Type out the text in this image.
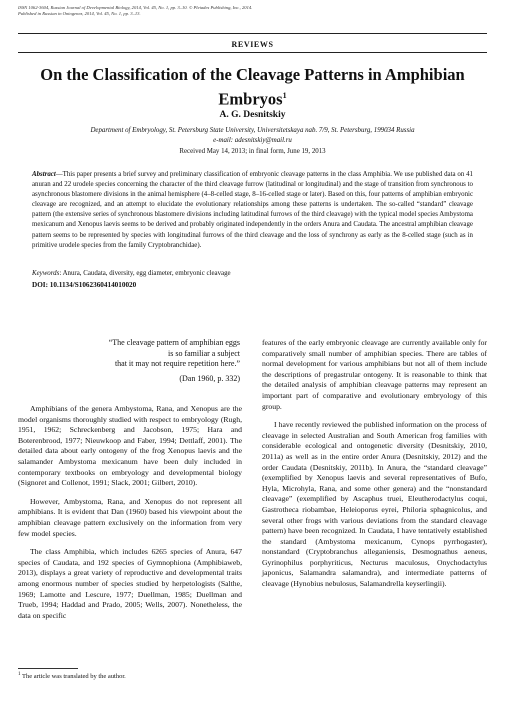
ISSN 1062-3604, Russian Journal of Developmental Biology, 2014, Vol. 45, No. 1, pp. 3–10. © Pleiades Publishing, Inc., 2014.
Published in Russian in Ontogenez, 2014, Vol. 45, No. 1, pp. 3–13.
REVIEWS
On the Classification of the Cleavage Patterns in Amphibian Embryos$^1$
A. G. Desnitskiy
Department of Embryology, St. Petersburg State University, Universitetskaya nab. 7/9, St. Petersburg, 199034 Russia
e-mail: adesnitskiy@mail.ru
Received May 14, 2013; in final form, June 19, 2013
Abstract—This paper presents a brief survey and preliminary classification of embryonic cleavage patterns in the class Amphibia. We use published data on 41 anuran and 22 urodele species concerning the character of the third cleavage furrow (latitudinal or longitudinal) and the stage of transition from synchronous to asynchronous blastomere divisions in the animal hemisphere (4–8-celled stage, 8–16-celled stage or later). Based on this, four patterns of amphibian embryonic cleavage are recognized, and an attempt to elucidate the evolutionary relationships among these patterns is undertaken. The so-called “standard” cleavage pattern (the extensive series of synchronous blastomere divisions including latitudinal furrows of the third cleavage) with the typical model species Ambystoma mexicanum and Xenopus laevis seems to be derived and probably originated independently in the orders Anura and Caudata. The ancestral amphibian cleavage pattern seems to be represented by species with longitudinal furrows of the third cleavage and the loss of synchrony as early as the 8-celled stage (such as in primitive urodele species from the family Cryptobranchidae).
Keywords: Anura, Caudata, diversity, egg diameter, embryonic cleavage
DOI: 10.1134/S1062360414010020
“The cleavage pattern of amphibian eggs
is so familiar a subject
that it may not require repetition here.”
(Dan 1960, p. 332)

Amphibians of the genera Ambystoma, Rana, and Xenopus are the model organisms thoroughly studied with respect to embryology (Rugh, 1951, 1962; Schreckenberg and Jacobson, 1975; Hara and Boterenbrood, 1977; Nieuwkoop and Faber, 1994; Dettlaff, 2001). The detailed data about early ontogeny of the frog Xenopus laevis and the salamander Ambystoma mexicanum have been duly included in contemporary textbooks on embryology and developmental biology (Signoret and Collenot, 1991; Slack, 2001; Gilbert, 2010).

However, Ambystoma, Rana, and Xenopus do not represent all amphibians. It is evident that Dan (1960) based his viewpoint about the amphibian cleavage pattern exclusively on the information from very few model species.

The class Amphibia, which includes 6265 species of Anura, 647 species of Caudata, and 192 species of Gymnophiona (Amphibiaweb, 2013), displays a great variety of reproductive and developmental traits among enormous number of species studied by herpetologists (Salthe, 1969; Lamotte and Lescure, 1977; Duellman, 1985; Duellman and Trueb, 1994; Haddad and Prado, 2005; Wells, 2007). Nonetheless, the data on specific

features of the early embryonic cleavage are currently available only for comparatively small number of amphibian species. There are tables of normal development for various amphibians but not all of them include the descriptions of pregastrular ontogeny. It is reasonable to think that the detailed analysis of amphibian cleavage patterns may represent an important part of comparative and evolutionary embryology of this group.

I have recently reviewed the published information on the process of cleavage in selected Australian and South American frog families with considerable ecological and ontogenetic diversity (Desnitskiy, 2010, 2011a) as well as in the entire order Anura (Desnitskiy, 2012) and the order Caudata (Desnitskiy, 2011b). In Anura, the “standard cleavage” (exemplified by Xenopus laevis and several representatives of Bufo, Hyla, Microhyla, Rana, and some other genera) and the “nonstandard cleavage” (exemplified by Ascaphus truei, Eleutherodactylus coqui, Gastrotheca riobambae, Heleioporus eyrei, Philoria sphagnicolus, and several other frogs with various deviations from the standard cleavage pattern) have been recognized. In Caudata, I have tentatively established the standard (Ambystoma mexicanum, Cynops pyrrhogaster), nonstandard (Cryptobranchus alleganiensis, Desmognathus aeneus, Gyrinophilus porphyriticus, Necturus maculosus, Onychodactylus japonicus, Salamandra salamandra), and intermediate patterns of cleavage (Hynobius nebulosus, Salamandrella keyserlingii).

$^1$ The article was translated by the author.
